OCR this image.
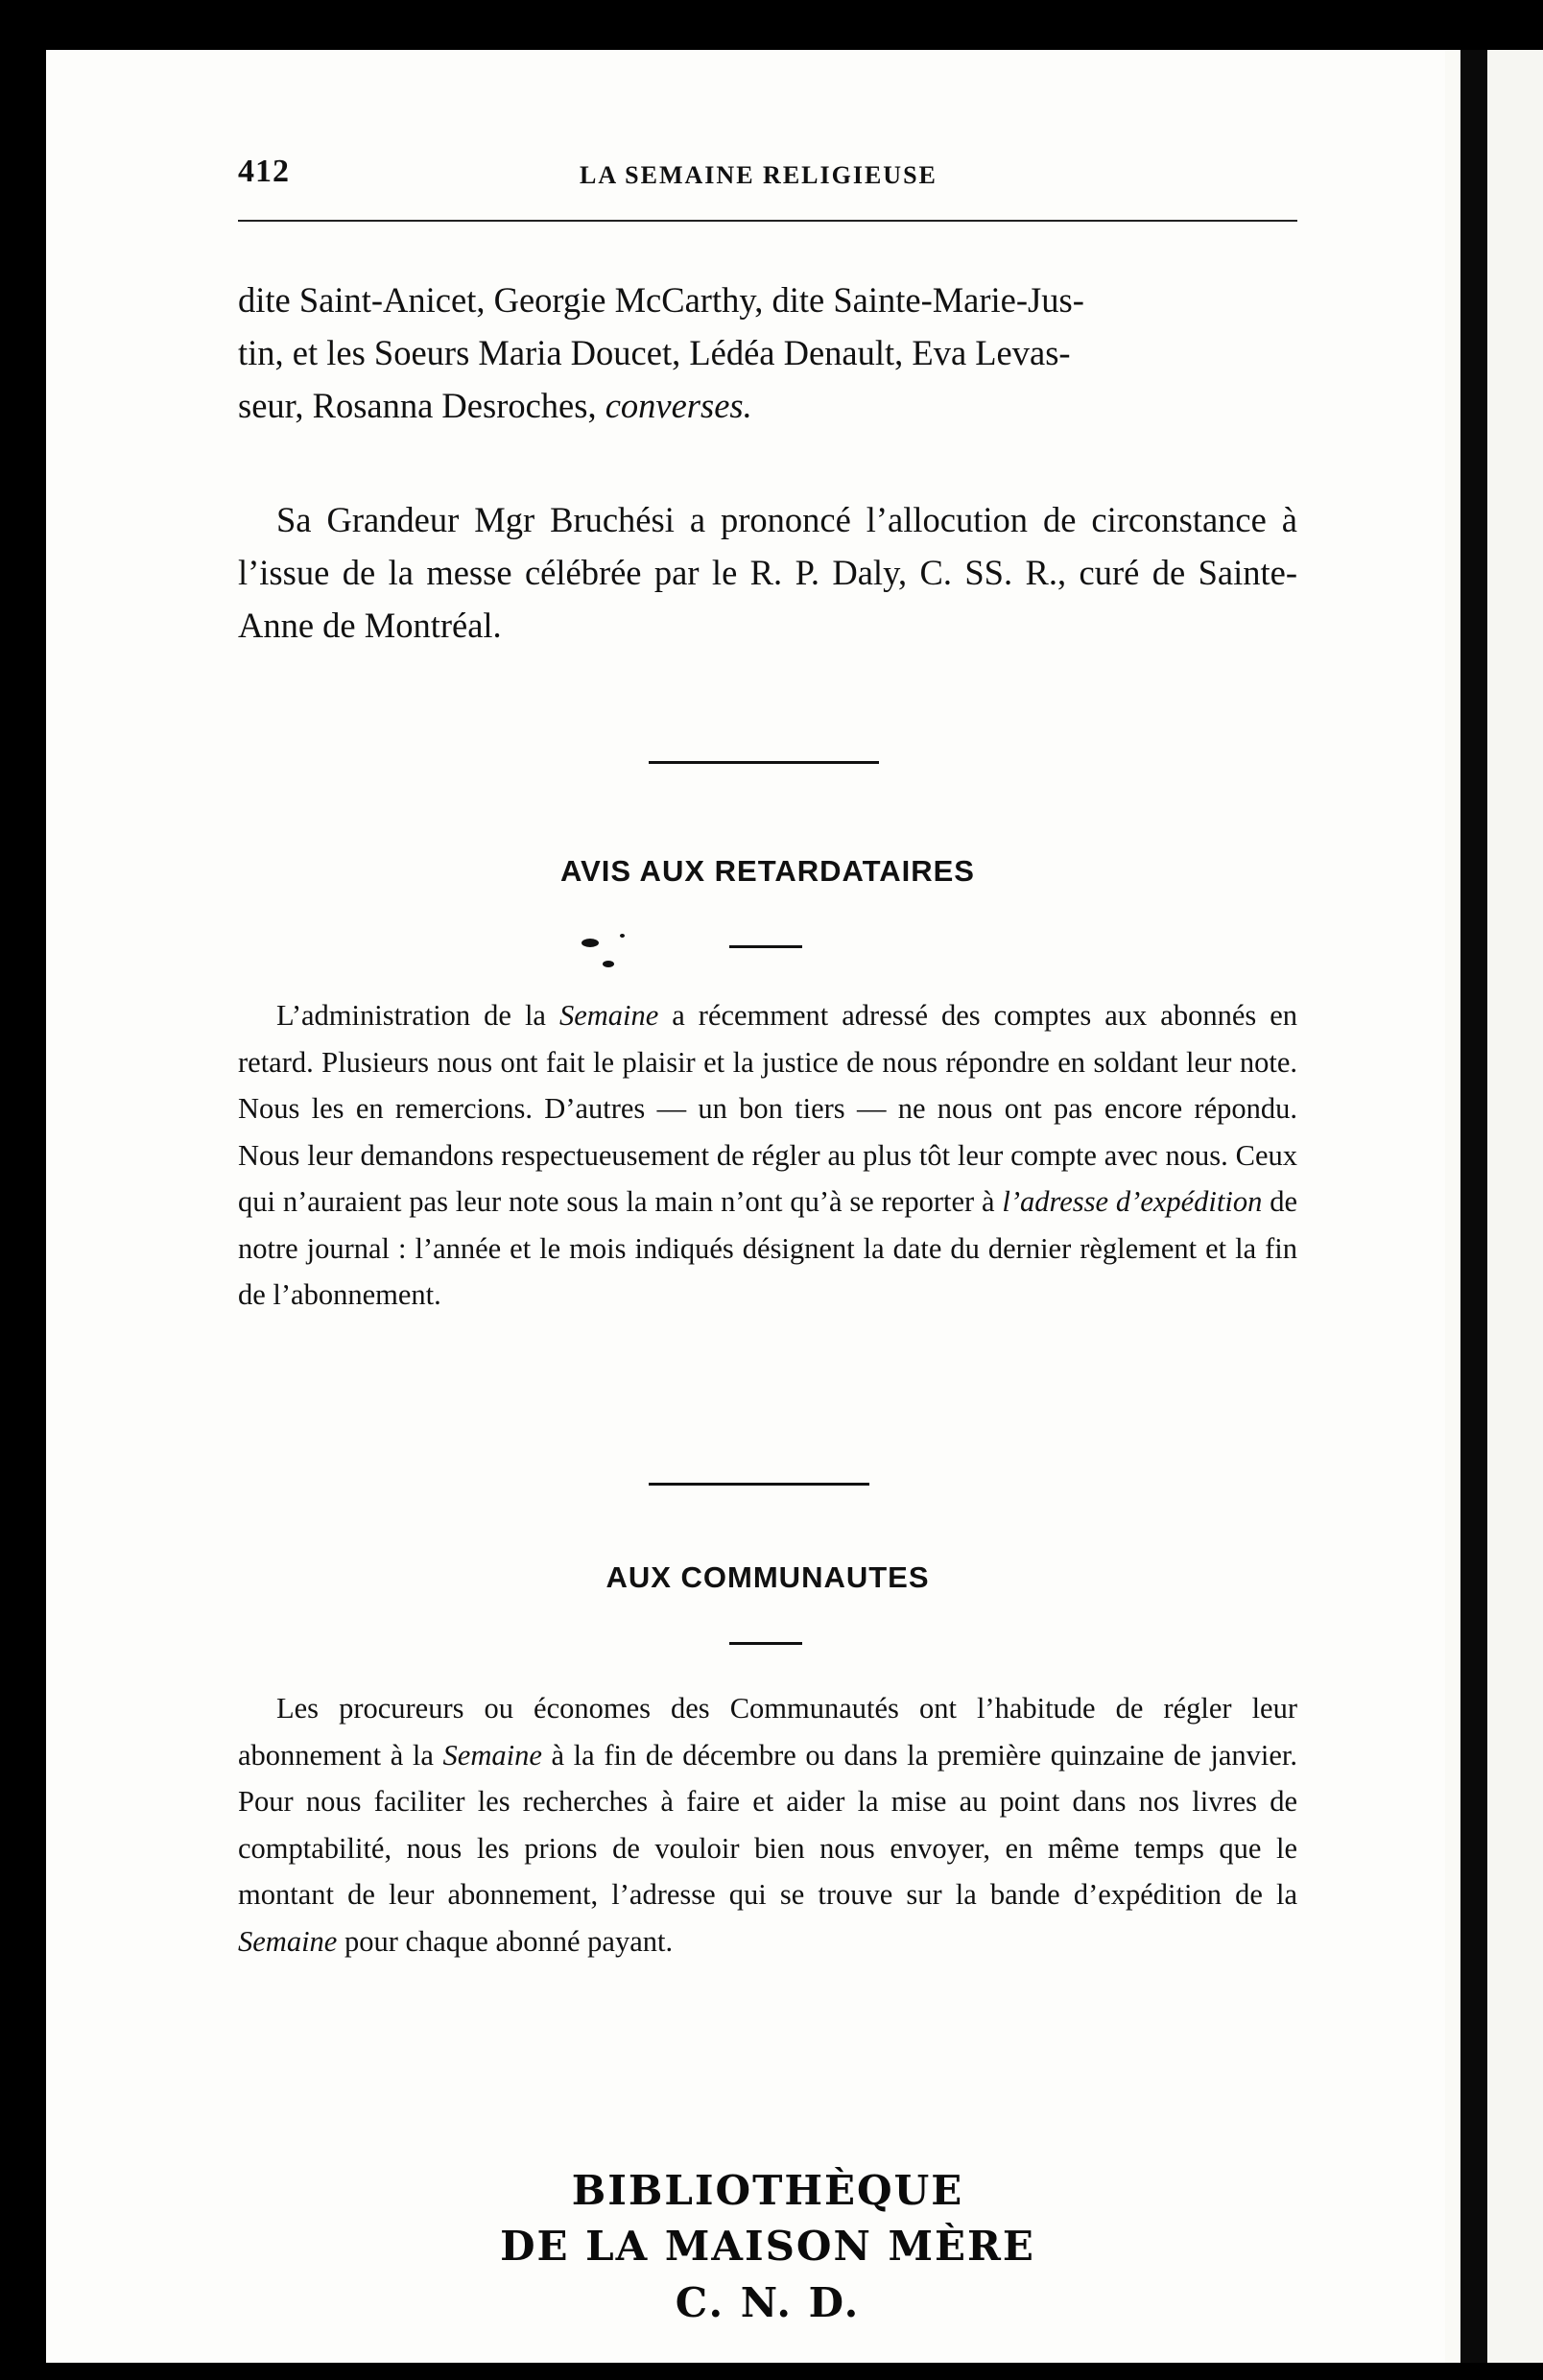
412	LA SEMAINE RELIGIEUSE
dite Saint-Anicet, Georgie McCarthy, dite Sainte-Marie-Jus-
tin, et les Soeurs Maria Doucet, Lédéa Denault, Eva Levas-
seur, Rosanna Desroches, converses.
Sa Grandeur Mgr Bruchési a prononcé l’allocution de circonstance à l’issue de la messe célébrée par le R. P. Daly, C. SS. R., curé de Sainte-Anne de Montréal.
AVIS AUX RETARDATAIRES
L’administration de la Semaine a récemment adressé des comptes aux abonnés en retard. Plusieurs nous ont fait le plaisir et la justice de nous répondre en soldant leur note. Nous les en remercions. D’autres — un bon tiers — ne nous ont pas encore répondu. Nous leur demandons respectueusement de régler au plus tôt leur compte avec nous. Ceux qui n’auraient pas leur note sous la main n’ont qu’à se reporter à l’adresse d’expédition de notre journal : l’année et le mois indiqués désignent la date du dernier règlement et la fin de l’abonnement.
AUX COMMUNAUTES
Les procureurs ou économes des Communautés ont l’habitude de régler leur abonnement à la Semaine à la fin de décembre ou dans la première quinzaine de janvier. Pour nous faciliter les recherches à faire et aider la mise au point dans nos livres de comptabilité, nous les prions de vouloir bien nous envoyer, en même temps que le montant de leur abonnement, l’adresse qui se trouve sur la bande d’expédition de la Semaine pour chaque abonné payant.
BIBLIOTHÈQUE
DE LA MAISON MÈRE
C. N. D.
